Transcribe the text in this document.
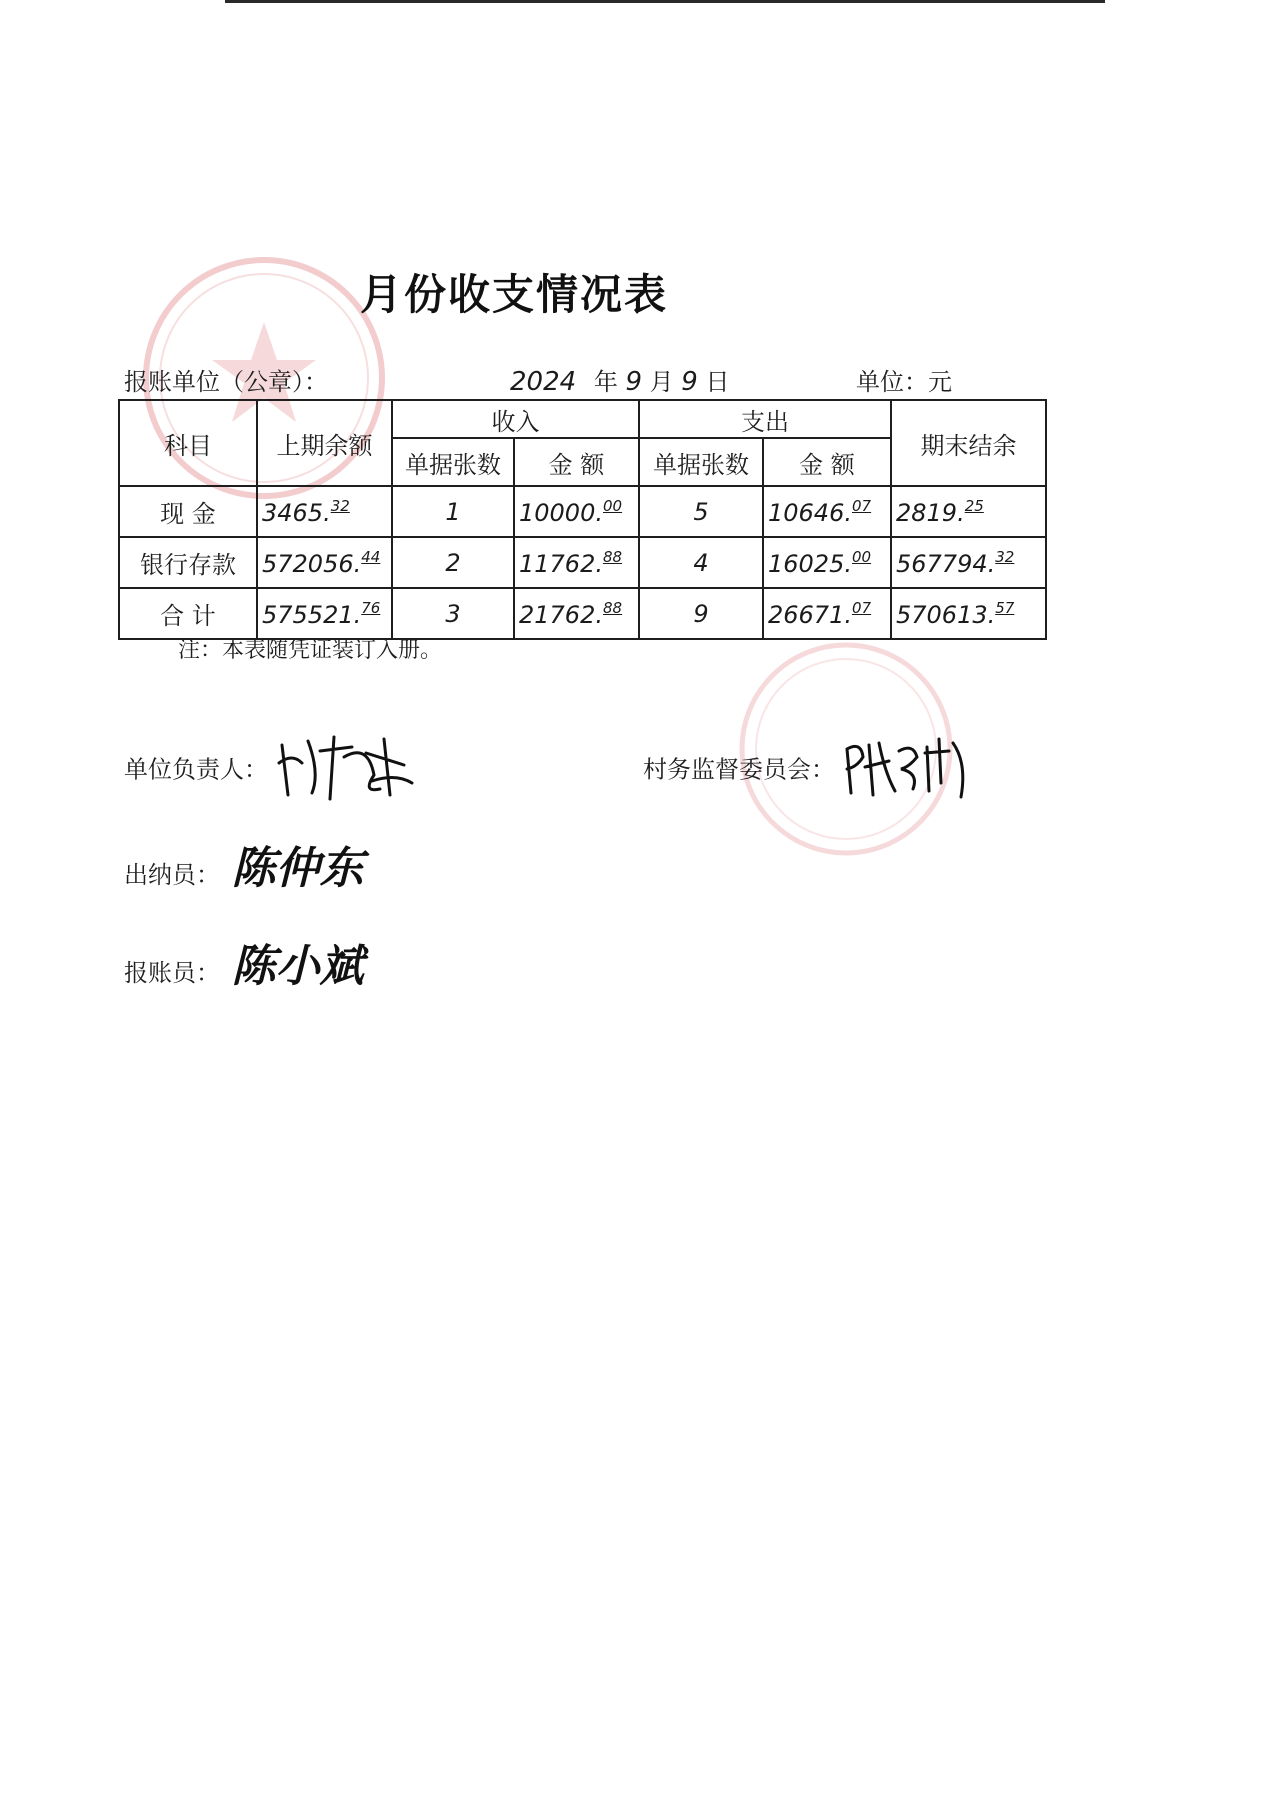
月份收支情况表
报账单位（公章）：	2024 年 9 月 9 日	单位：元
科目	上期余额	收入		支出		期末结余
		单据张数	金 额	单据张数	金 额	
现 金	3465.32	1	10000.00	5	10646.07	2819.25
银行存款	572056.44	2	11762.88	4	16025.00	567794.32
合 计	575521.76	3	21762.88	9	26671.07	570613.57
注：本表随凭证装订入册。
单位负责人：	村务监督委员会：
出纳员： 陈仲东
报账员： 陈小斌
